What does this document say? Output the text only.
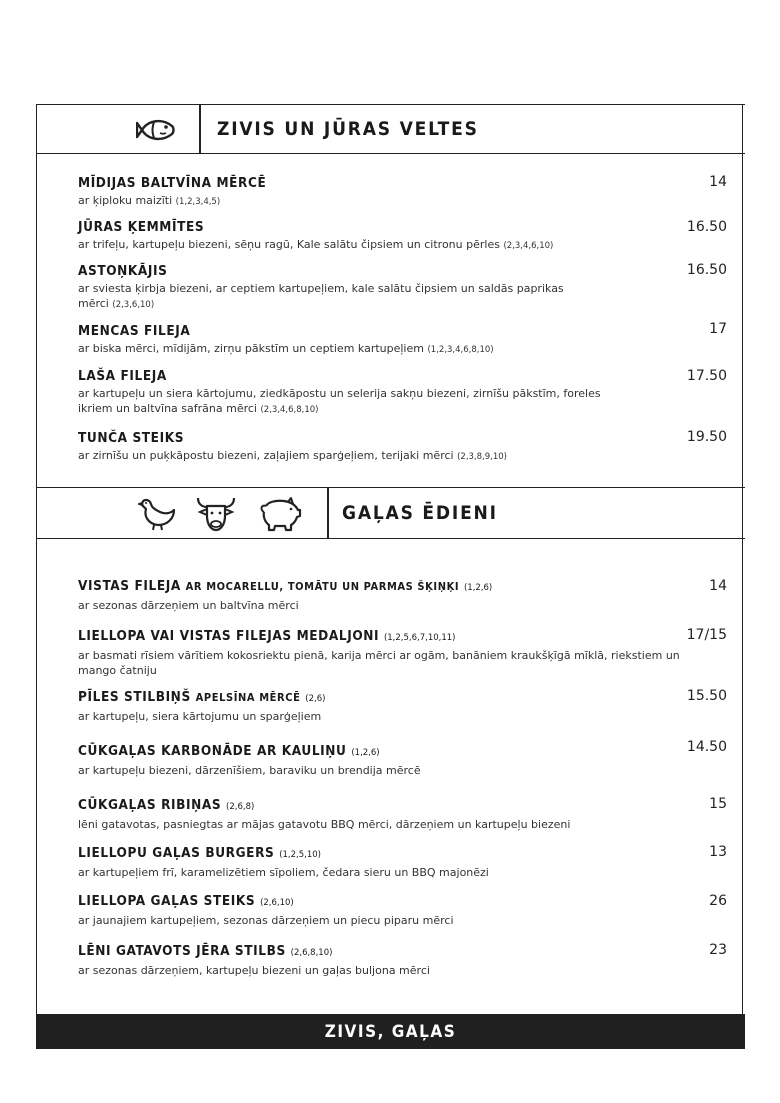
ZIVIS UN JŪRAS VELTES
MĪDIJAS BALTVĪNA MĒRCĒ
ar ķiploku maizīti (1,2,3,4,5)
14
JŪRAS ĶEMMĪTES
ar trifeļu, kartupeļu biezeni, sēņu ragū, Kale salātu čipsiem un citronu pērles (2,3,4,6,10)
16.50
ASTOŅKĀJIS
ar sviesta ķirbja biezeni, ar ceptiem kartupeļiem, kale salātu čipsiem un saldās paprikas mērci (2,3,6,10)
16.50
MENCAS FILEJA
ar biska mērci, mīdijām, zirņu pākstīm un ceptiem kartupeļiem (1,2,3,4,6,8,10)
17
LAŠA FILEJA
ar kartupeļu un siera kārtojumu, ziedkāpostu un selerija sakņu biezeni, zirnīšu pākstīm, foreles ikriem un baltvīna safrāna mērci (2,3,4,6,8,10)
17.50
TUNČA STEIKS
ar zirnīšu un puķkāpostu biezeni, zaļajiem sparģeļiem, terijaki mērci (2,3,8,9,10)
19.50
GAĻAS ĒDIENI
VISTAS FILEJA AR MOCARELLU, TOMĀTU UN PARMAS ŠĶIŅĶI (1,2,6)
ar sezonas dārzeņiem un baltvīna mērci
14
LIELLOPA VAI VISTAS FILEJAS MEDALJONI (1,2,5,6,7,10,11)
ar basmati rīsiem vārītiem kokosriektu pienā, karija mērci ar ogām, banāniem kraukšķīgā mīklā, riekstiem un mango čatniju
17/15
PĪLES STILBIŅŠ APELSĪNA MĒRCĒ (2,6)
ar kartupeļu, siera kārtojumu un sparģeļiem
15.50
CŪKGAĻAS KARBONĀDE AR KAULIŅU (1,2,6)
ar kartupeļu biezeni, dārzenīšiem, baraviku un brendija mērcē
14.50
CŪKGAĻAS RIBIŅAS (2,6,8)
lēni gatavotas, pasniegtas ar mājas gatavotu BBQ mērci, dārzeņiem un kartupeļu biezeni
15
LIELLOPU GAĻAS BURGERS (1,2,5,10)
ar kartupeļiem frī, karamelizētiem sīpoliem, čedara sieru un BBQ majonēzi
13
LIELLOPA GAĻAS STEIKS (2,6,10)
ar jaunajiem kartupeļiem, sezonas dārzeņiem un piecu piparu mērci
26
LĒNI GATAVOTS JĒRA STILBS (2,6,8,10)
ar sezonas dārzeņiem, kartupeļu biezeni un gaļas buljona mērci
23
ZIVIS, GAĻAS
